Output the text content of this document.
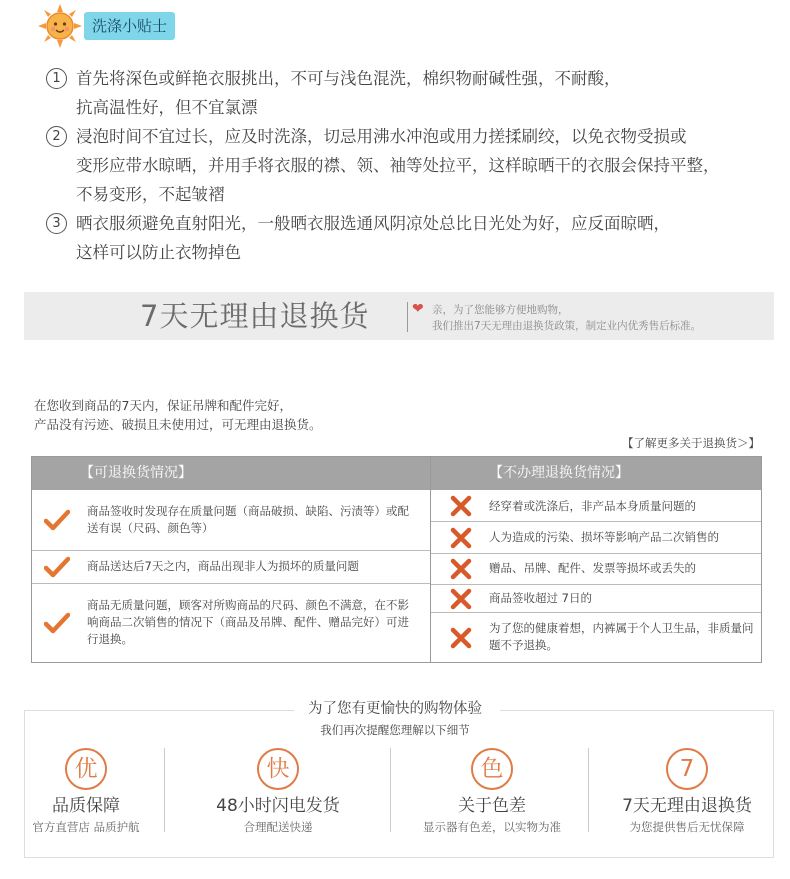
洗涤小贴士
1 首先将深色或鲜艳衣服挑出，不可与浅色混洗，棉织物耐碱性强，不耐酸，
抗高温性好，但不宜氯漂
2 浸泡时间不宜过长，应及时洗涤，切忌用沸水冲泡或用力搓揉刷绞，以免衣物受损或
变形应带水晾晒，并用手将衣服的襟、领、袖等处拉平，这样晾晒干的衣服会保持平整，
不易变形，不起皱褶
3 晒衣服须避免直射阳光，一般晒衣服选通风阴凉处总比日光处为好，应反面晾晒，
这样可以防止衣物掉色
7天无理由退换货	❤ 亲，为了您能够方便地购物，
我们推出7天无理由退换货政策，制定业内优秀售后标准。
在您收到商品的7天内，保证吊牌和配件完好，
产品没有污迹、破损且未使用过，可无理由退换货。
【了解更多关于退换货＞】
【可退换货情况】	【不办理退换货情况】
商品签收时发现存在质量问题（商品破损、缺陷、污渍等）或配送有误（尺码、颜色等）
商品送达后7天之内，商品出现非人为损坏的质量问题
商品无质量问题，顾客对所购商品的尺码、颜色不满意，在不影响商品二次销售的情况下（商品及吊牌、配件、赠品完好）可进行退换。
经穿着或洗涤后，非产品本身质量问题的
人为造成的污染、损坏等影响产品二次销售的
赠品、吊牌、配件、发票等损坏或丢失的
商品签收超过 7日的
为了您的健康着想，内裤属于个人卫生品，非质量问题不予退换。
为了您有更愉快的购物体验
我们再次提醒您理解以下细节
优
品质保障
官方直营店 品质护航
快
48小时闪电发货
合理配送快递
色
关于色差
显示器有色差，以实物为准
7
7天无理由退换货
为您提供售后无忧保障
